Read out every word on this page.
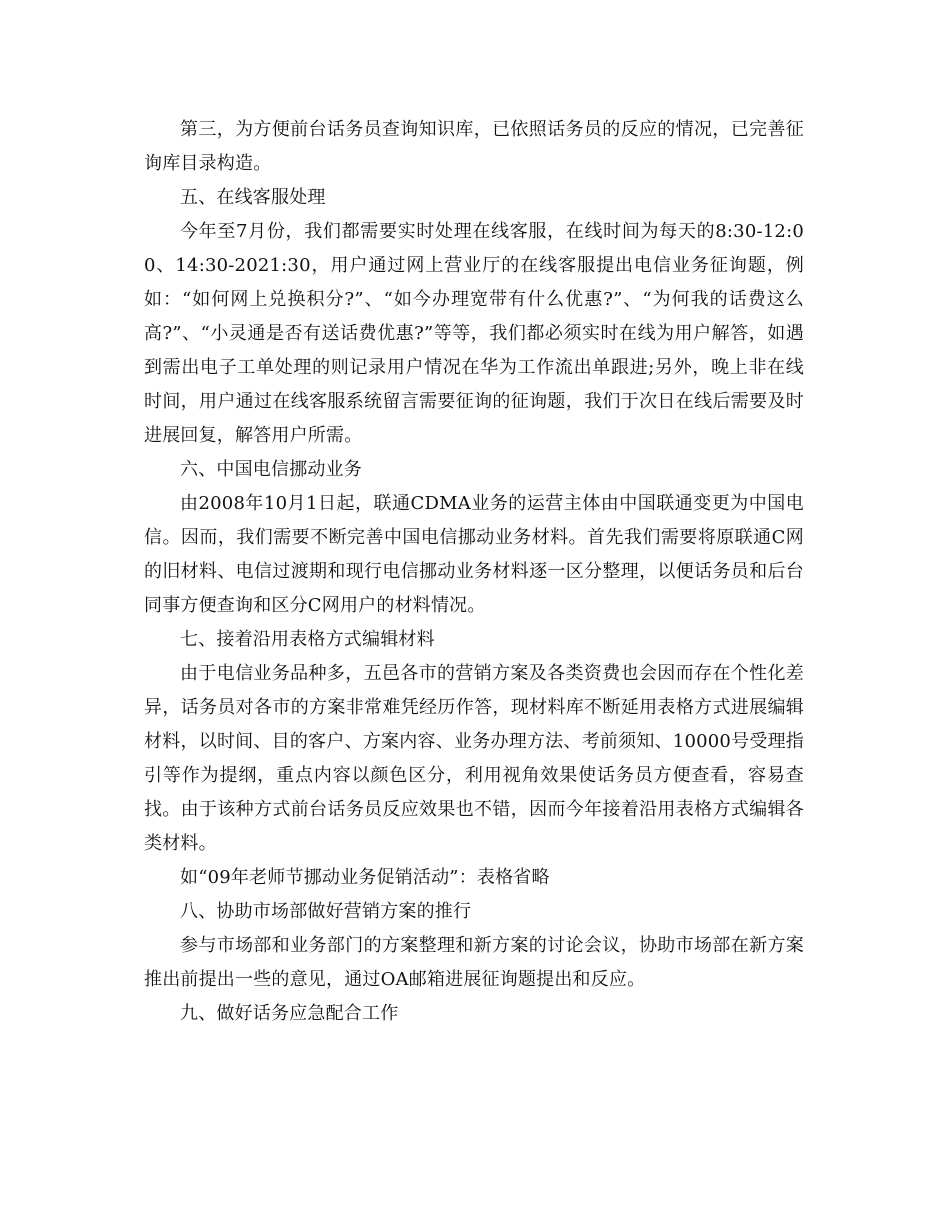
第三，为方便前台话务员查询知识库，已依照话务员的反应的情况，已完善征询库目录构造。

五、在线客服处理

今年至7月份，我们都需要实时处理在线客服，在线时间为每天的8:30-12:00、14:30-2021:30，用户通过网上营业厅的在线客服提出电信业务征询题，例如：“如何网上兑换积分?”、“如今办理宽带有什么优惠?”、“为何我的话费这么高?”、“小灵通是否有送话费优惠?”等等，我们都必须实时在线为用户解答，如遇到需出电子工单处理的则记录用户情况在华为工作流出单跟进;另外，晚上非在线时间，用户通过在线客服系统留言需要征询的征询题，我们于次日在线后需要及时进展回复，解答用户所需。

六、中国电信挪动业务

由2008年10月1日起，联通CDMA业务的运营主体由中国联通变更为中国电信。因而，我们需要不断完善中国电信挪动业务材料。首先我们需要将原联通C网的旧材料、电信过渡期和现行电信挪动业务材料逐一区分整理，以便话务员和后台同事方便查询和区分C网用户的材料情况。

七、接着沿用表格方式编辑材料

由于电信业务品种多，五邑各市的营销方案及各类资费也会因而存在个性化差异，话务员对各市的方案非常难凭经历作答，现材料库不断延用表格方式进展编辑材料，以时间、目的客户、方案内容、业务办理方法、考前须知、10000号受理指引等作为提纲，重点内容以颜色区分，利用视角效果使话务员方便查看，容易查找。由于该种方式前台话务员反应效果也不错，因而今年接着沿用表格方式编辑各类材料。

如“09年老师节挪动业务促销活动”：表格省略

八、协助市场部做好营销方案的推行

参与市场部和业务部门的方案整理和新方案的讨论会议，协助市场部在新方案推出前提出一些的意见，通过OA邮箱进展征询题提出和反应。

九、做好话务应急配合工作
